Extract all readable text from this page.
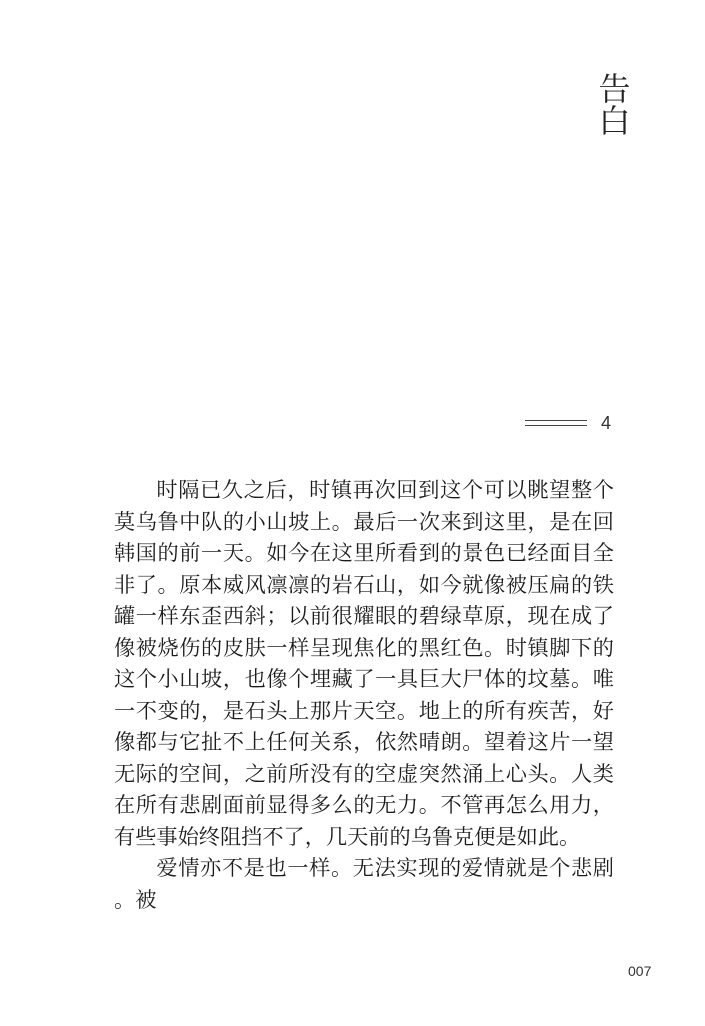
告白
4

时隔已久之后，时镇再次回到这个可以眺望整个莫乌鲁中队的小山坡上。最后一次来到这里，是在回韩国的前一天。如今在这里所看到的景色已经面目全非了。原本威风凛凛的岩石山，如今就像被压扁的铁罐一样东歪西斜；以前很耀眼的碧绿草原，现在成了像被烧伤的皮肤一样呈现焦化的黑红色。时镇脚下的这个小山坡，也像个埋藏了一具巨大尸体的坟墓。唯一不变的，是石头上那片天空。地上的所有疾苦，好像都与它扯不上任何关系，依然晴朗。望着这片一望无际的空间，之前所没有的空虚突然涌上心头。人类在所有悲剧面前显得多么的无力。不管再怎么用力，有些事始终阻挡不了，几天前的乌鲁克便是如此。

爱情亦不是也一样。无法实现的爱情就是个悲剧。被

007
